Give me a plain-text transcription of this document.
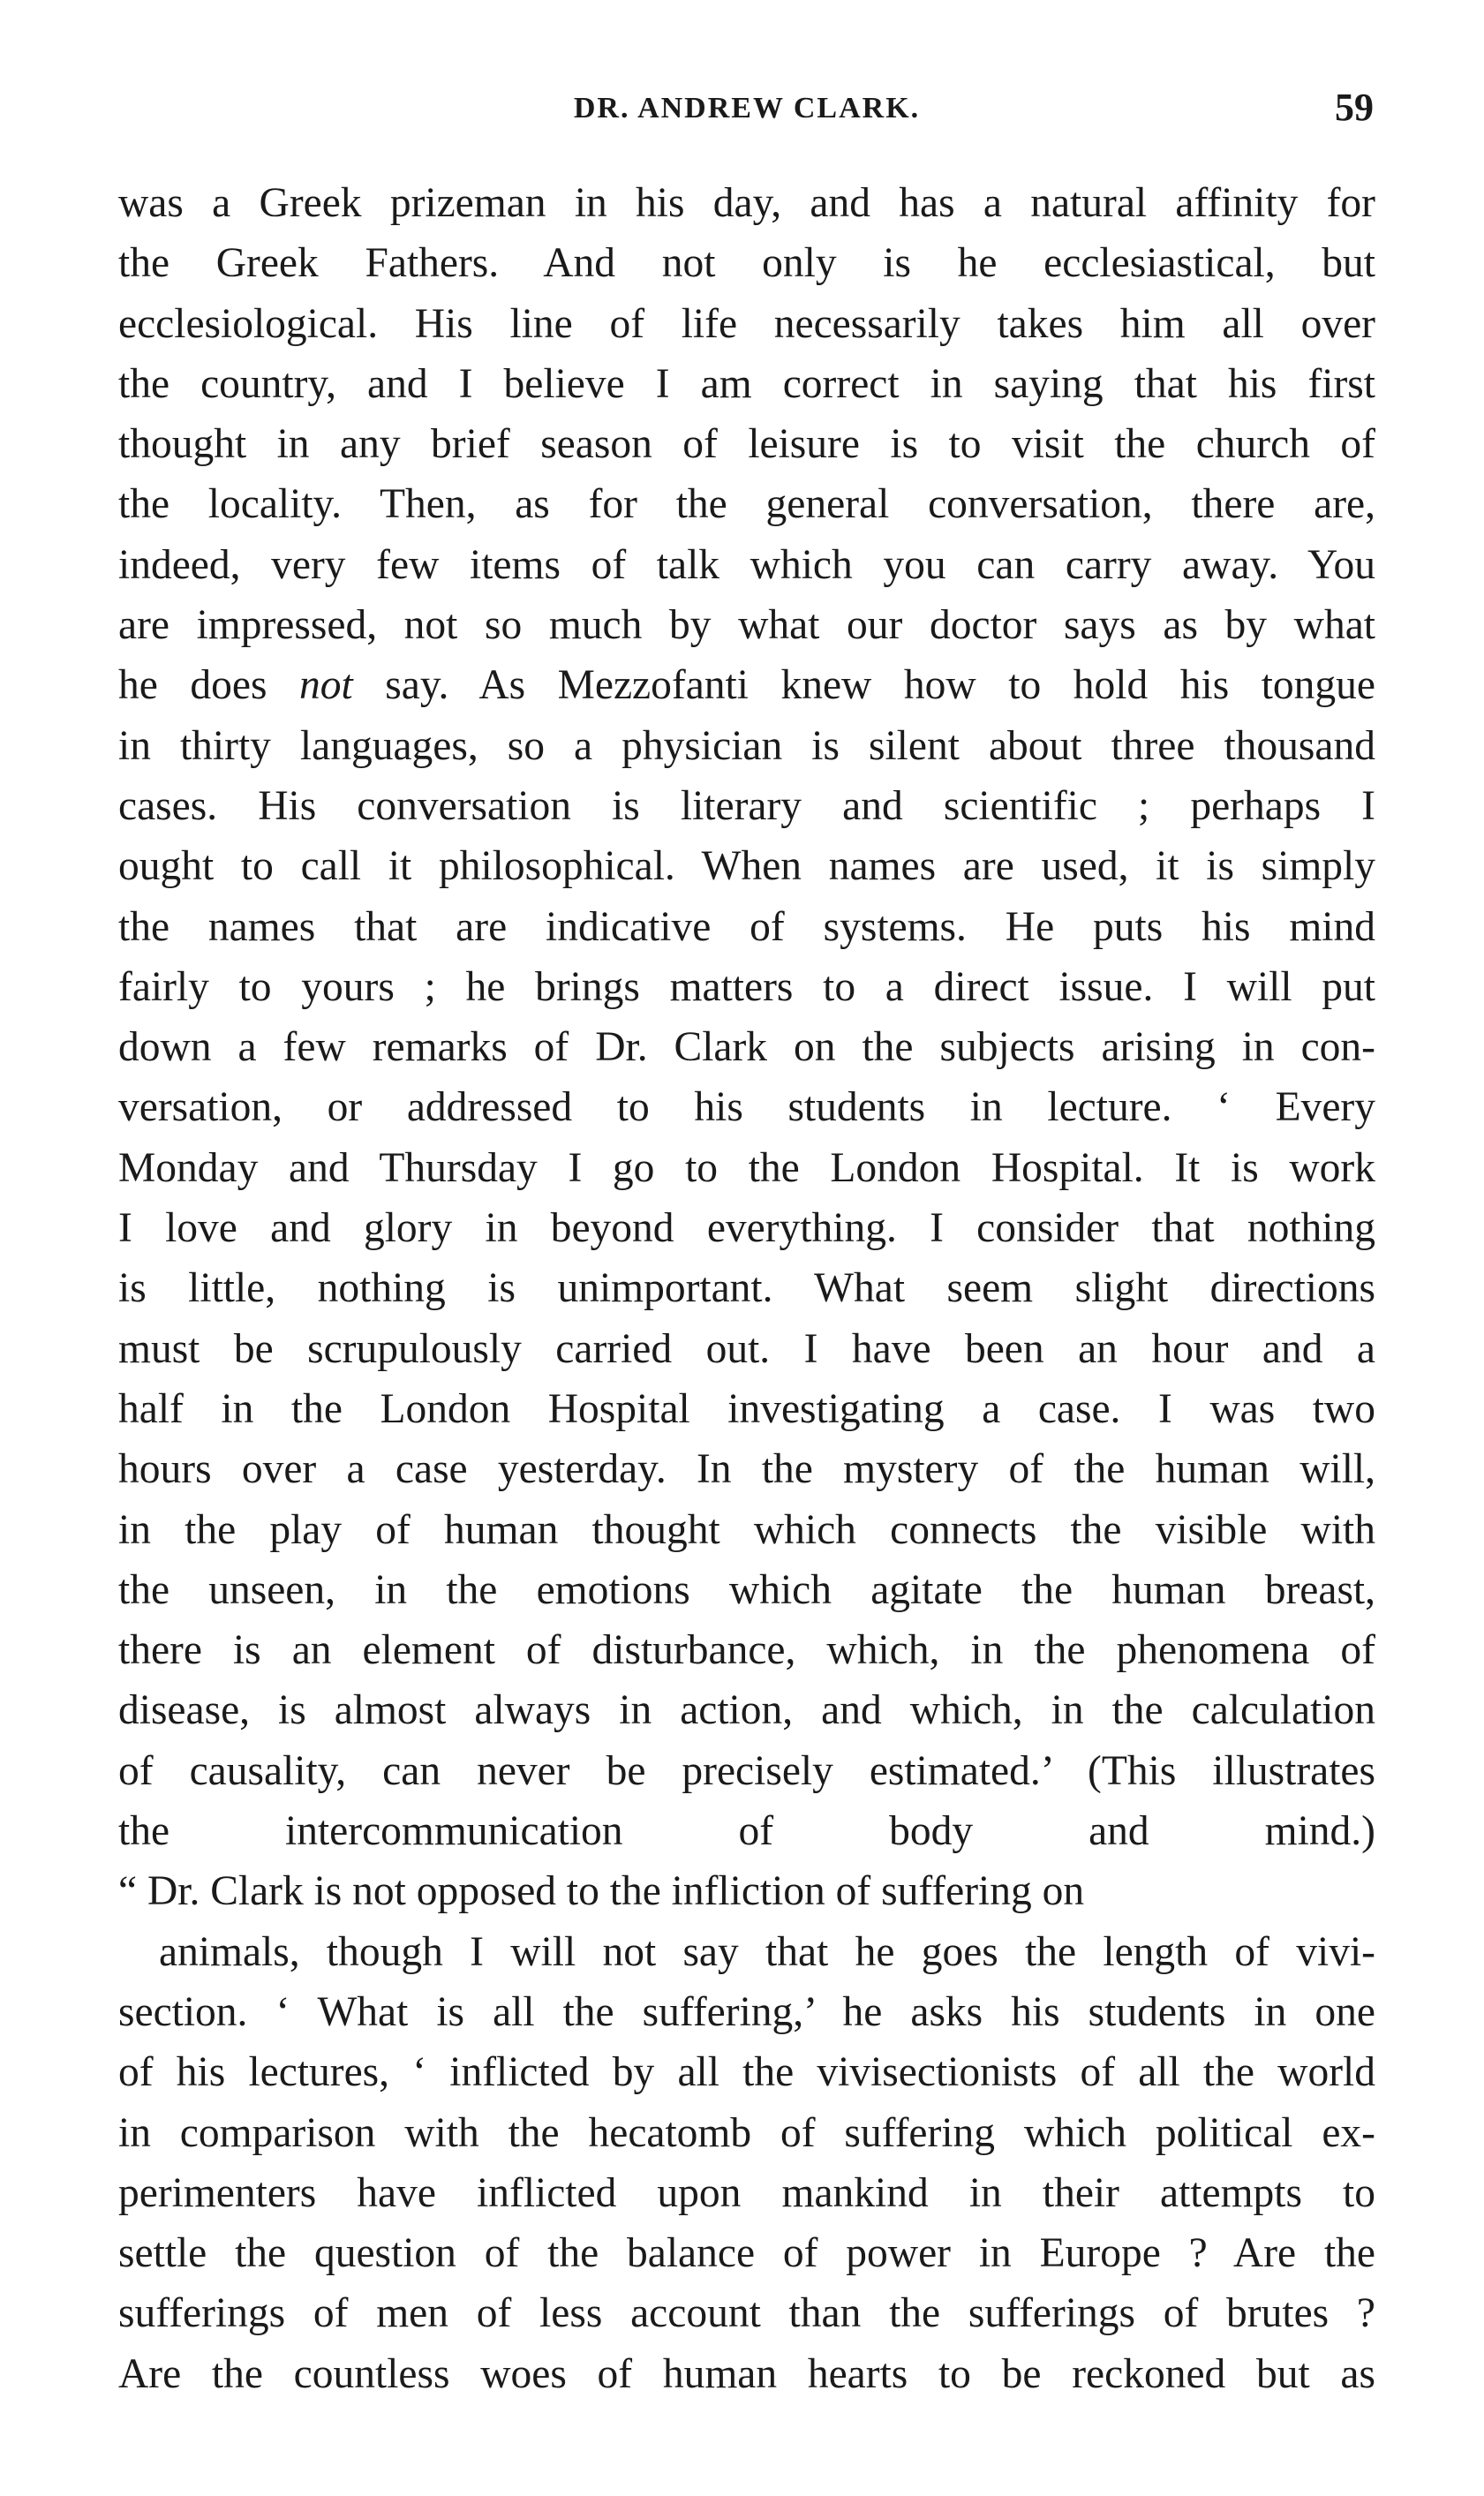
DR. ANDREW CLARK.	59
was a Greek prizeman in his day, and has a natural affinity for
the Greek Fathers. And not only is he ecclesiastical, but
ecclesiological. His line of life necessarily takes him all over
the country, and I believe I am correct in saying that his first
thought in any brief season of leisure is to visit the church of
the locality. Then, as for the general conversation, there are,
indeed, very few items of talk which you can carry away. You
are impressed, not so much by what our doctor says as by what
he does not say. As Mezzofanti knew how to hold his tongue
in thirty languages, so a physician is silent about three thousand
cases. His conversation is literary and scientific ; perhaps I
ought to call it philosophical. When names are used, it is simply
the names that are indicative of systems. He puts his mind
fairly to yours ; he brings matters to a direct issue. I will put
down a few remarks of Dr. Clark on the subjects arising in con-
versation, or addressed to his students in lecture. ‘ Every
Monday and Thursday I go to the London Hospital. It is work
I love and glory in beyond everything. I consider that nothing
is little, nothing is unimportant. What seem slight directions
must be scrupulously carried out. I have been an hour and a
half in the London Hospital investigating a case. I was two
hours over a case yesterday. In the mystery of the human will,
in the play of human thought which connects the visible with
the unseen, in the emotions which agitate the human breast,
there is an element of disturbance, which, in the phenomena of
disease, is almost always in action, and which, in the calculation
of causality, can never be precisely estimated.’ (This illustrates
the intercommunication of body and mind.)
“ Dr. Clark is not opposed to the infliction of suffering on
animals, though I will not say that he goes the length of vivi-
section. ‘ What is all the suffering,’ he asks his students in one
of his lectures, ‘ inflicted by all the vivisectionists of all the world
in comparison with the hecatomb of suffering which political ex-
perimenters have inflicted upon mankind in their attempts to
settle the question of the balance of power in Europe ? Are the
sufferings of men of less account than the sufferings of brutes ?
Are the countless woes of human hearts to be reckoned but as
